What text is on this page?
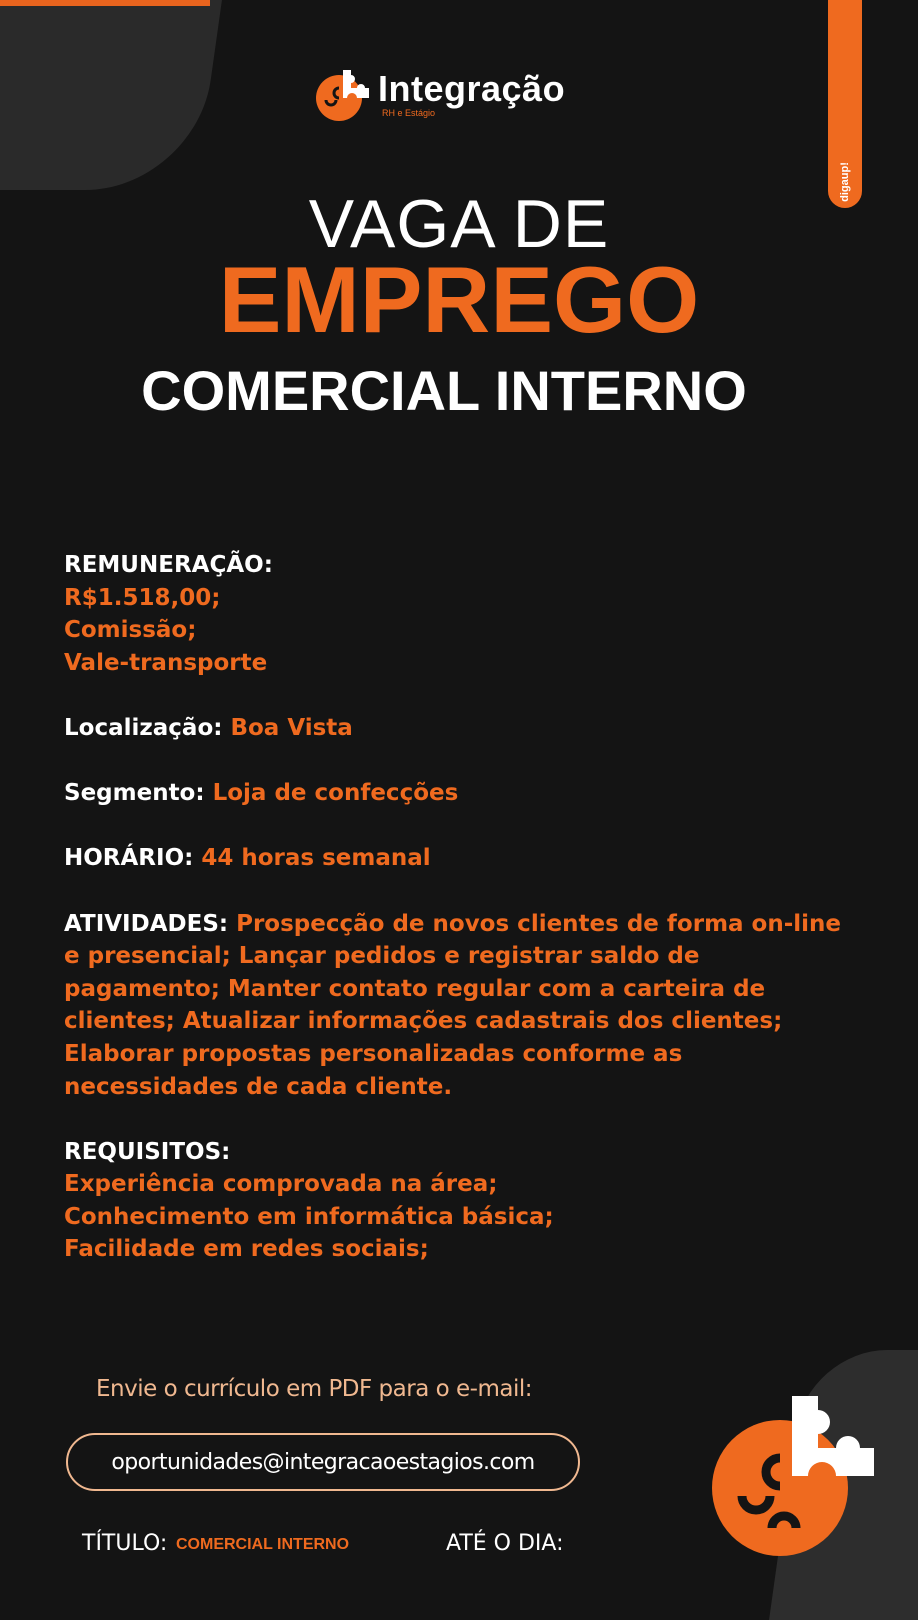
digaup!
Integração
RH e Estágio
VAGA DE
EMPREGO
COMERCIAL INTERNO
REMUNERAÇÃO:
R$1.518,00;
Comissão;
Vale-transporte
Localização: Boa Vista
Segmento: Loja de confecções
HORÁRIO: 44 horas semanal
ATIVIDADES: Prospecção de novos clientes de forma on-line
e presencial; Lançar pedidos e registrar saldo de
pagamento; Manter contato regular com a carteira de
clientes; Atualizar informações cadastrais dos clientes;
Elaborar propostas personalizadas conforme as
necessidades de cada cliente.
REQUISITOS:
Experiência comprovada na área;
Conhecimento em informática básica;
Facilidade em redes sociais;
Envie o currículo em PDF para o e-mail:
oportunidades@integracaoestagios.com
TÍTULO: COMERCIAL INTERNO	ATÉ O DIA:
